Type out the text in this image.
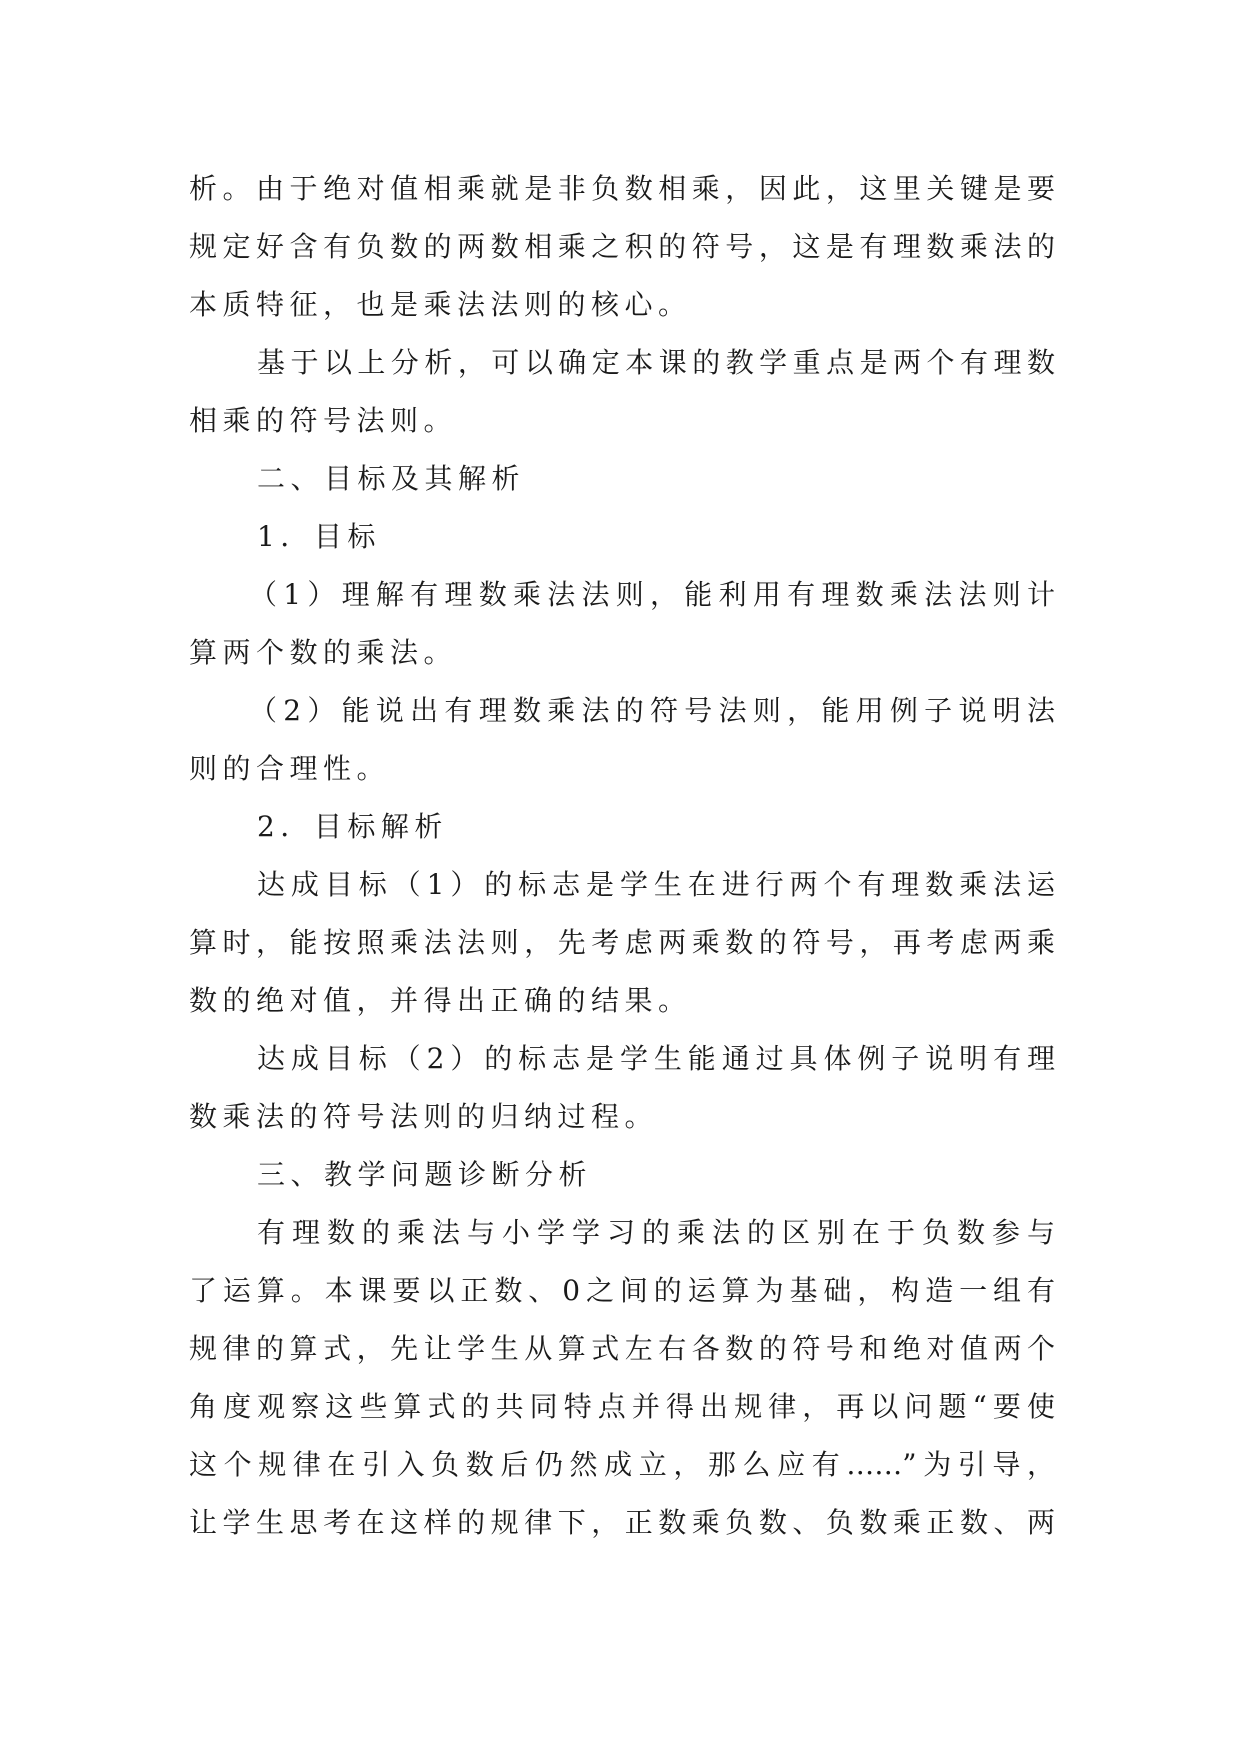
析。由于绝对值相乘就是非负数相乘，因此，这里关键是要
规定好含有负数的两数相乘之积的符号，这是有理数乘法的
本质特征，也是乘法法则的核心。
基于以上分析，可以确定本课的教学重点是两个有理数
相乘的符号法则。
二、目标及其解析
1．目标
（1）理解有理数乘法法则，能利用有理数乘法法则计
算两个数的乘法。
（2）能说出有理数乘法的符号法则，能用例子说明法
则的合理性。
2．目标解析
达成目标（1）的标志是学生在进行两个有理数乘法运
算时，能按照乘法法则，先考虑两乘数的符号，再考虑两乘
数的绝对值，并得出正确的结果。
达成目标（2）的标志是学生能通过具体例子说明有理
数乘法的符号法则的归纳过程。
三、教学问题诊断分析
有理数的乘法与小学学习的乘法的区别在于负数参与
了运算。本课要以正数、0之间的运算为基础，构造一组有
规律的算式，先让学生从算式左右各数的符号和绝对值两个
角度观察这些算式的共同特点并得出规律，再以问题“要使
这个规律在引入负数后仍然成立，那么应有……”为引导，
让学生思考在这样的规律下，正数乘负数、负数乘正数、两
